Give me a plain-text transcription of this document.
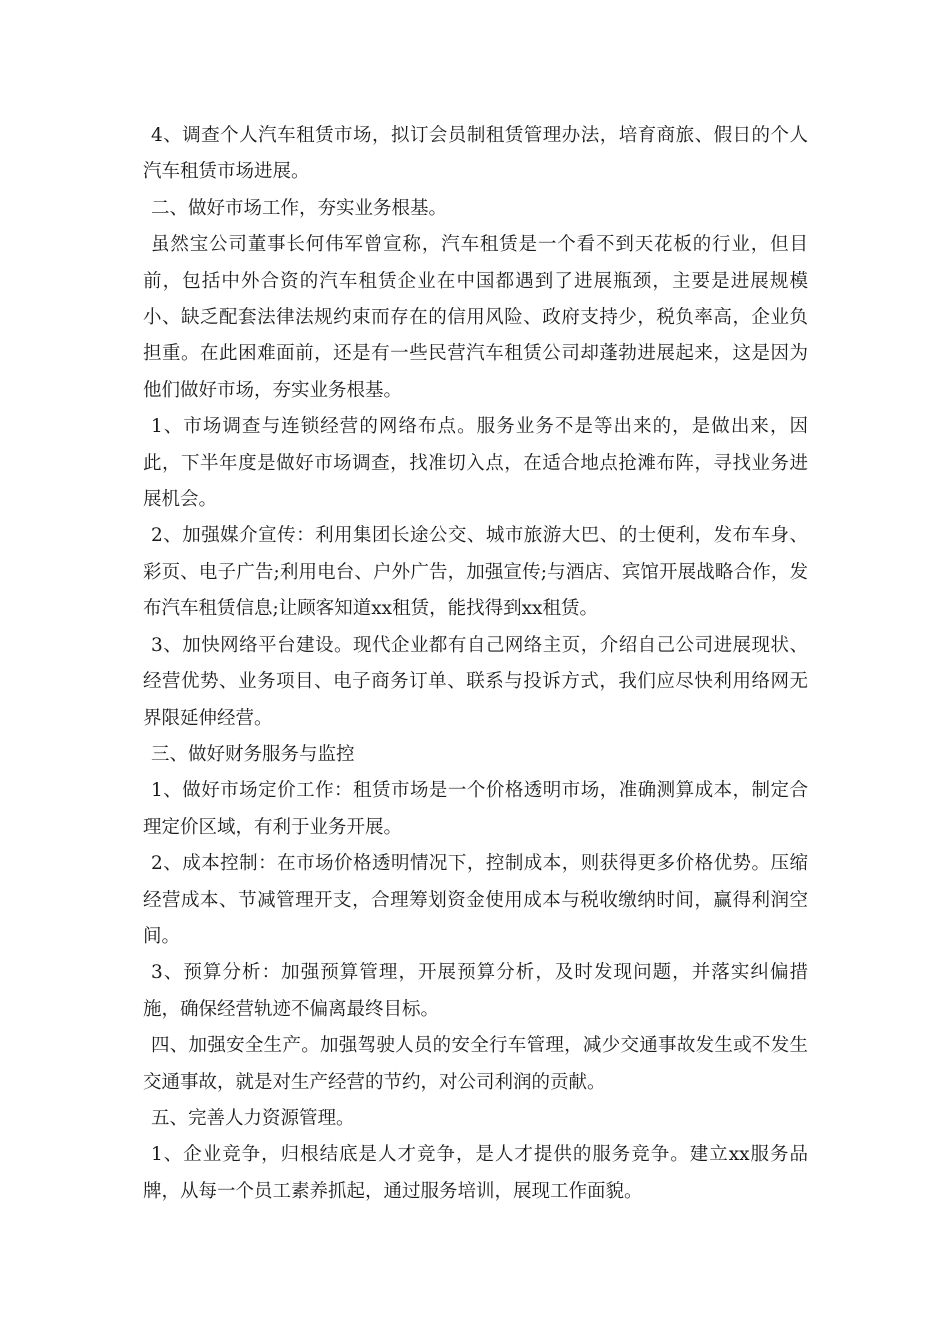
4、调查个人汽车租赁市场，拟订会员制租赁管理办法，培育商旅、假日的个人汽车租赁市场进展。

二、做好市场工作，夯实业务根基。

虽然宝公司董事长何伟军曾宣称，汽车租赁是一个看不到天花板的行业，但目前，包括中外合资的汽车租赁企业在中国都遇到了进展瓶颈，主要是进展规模小、缺乏配套法律法规约束而存在的信用风险、政府支持少，税负率高，企业负担重。在此困难面前，还是有一些民营汽车租赁公司却蓬勃进展起来，这是因为他们做好市场，夯实业务根基。

1、市场调查与连锁经营的网络布点。服务业务不是等出来的，是做出来，因此，下半年度是做好市场调查，找准切入点，在适合地点抢滩布阵，寻找业务进展机会。

2、加强媒介宣传：利用集团长途公交、城市旅游大巴、的士便利，发布车身、彩页、电子广告;利用电台、户外广告，加强宣传;与酒店、宾馆开展战略合作，发布汽车租赁信息;让顾客知道xx租赁，能找得到xx租赁。

3、加快网络平台建设。现代企业都有自己网络主页，介绍自己公司进展现状、经营优势、业务项目、电子商务订单、联系与投诉方式，我们应尽快利用络网无界限延伸经营。

三、做好财务服务与监控

1、做好市场定价工作：租赁市场是一个价格透明市场，准确测算成本，制定合理定价区域，有利于业务开展。

2、成本控制：在市场价格透明情况下，控制成本，则获得更多价格优势。压缩经营成本、节减管理开支，合理筹划资金使用成本与税收缴纳时间，赢得利润空间。

3、预算分析：加强预算管理，开展预算分析，及时发现问题，并落实纠偏措施，确保经营轨迹不偏离最终目标。

四、加强安全生产。加强驾驶人员的安全行车管理，减少交通事故发生或不发生交通事故，就是对生产经营的节约，对公司利润的贡献。

五、完善人力资源管理。

1、企业竞争，归根结底是人才竞争，是人才提供的服务竞争。建立xx服务品牌，从每一个员工素养抓起，通过服务培训，展现工作面貌。
